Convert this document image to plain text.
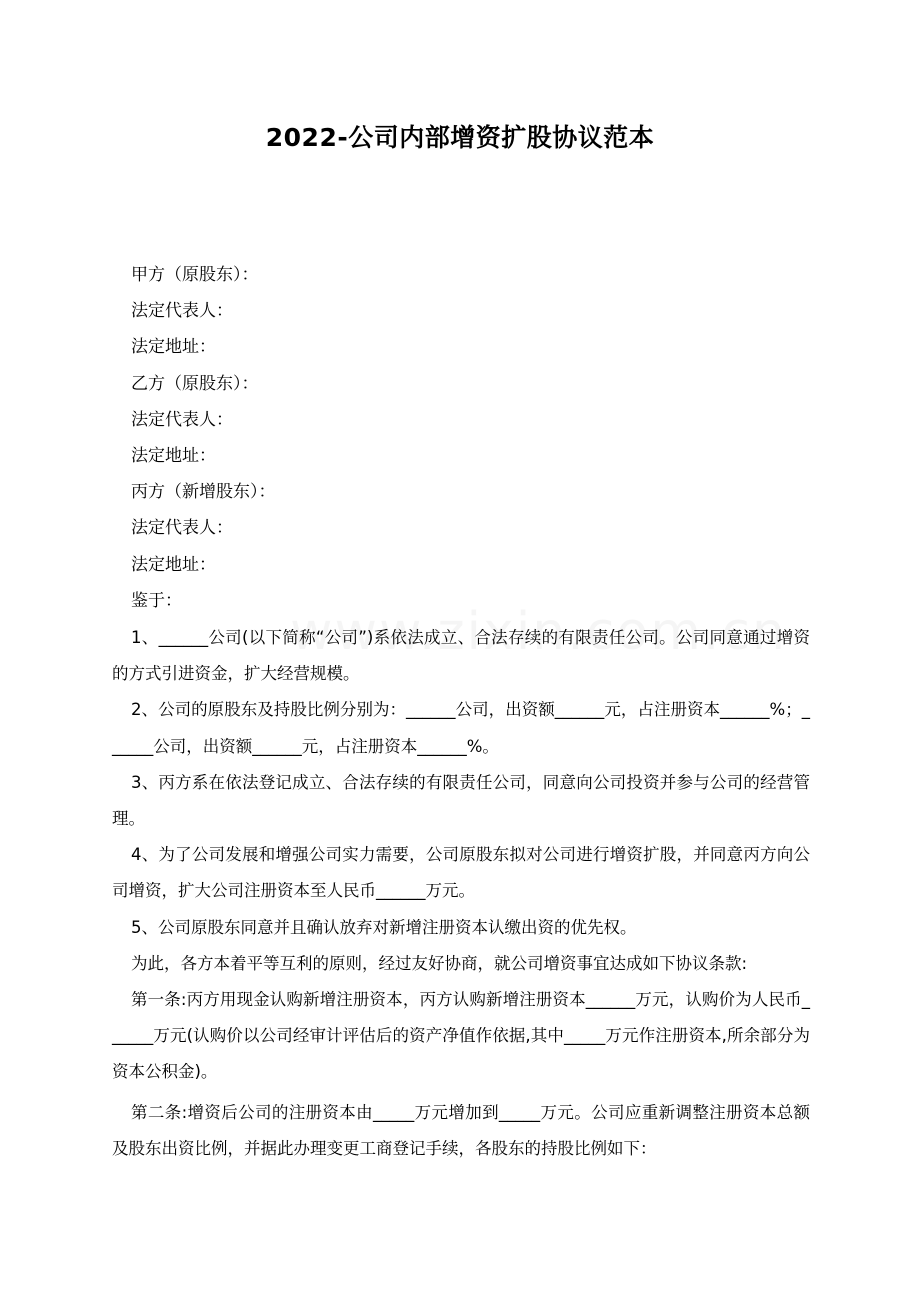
2022-公司内部增资扩股协议范本
甲方（原股东）：
法定代表人：
法定地址：
乙方（原股东）：
法定代表人：
法定地址：
丙方（新增股东）：
法定代表人：
法定地址：
鉴于：

1、______公司(以下简称“公司”)系依法成立、合法存续的有限责任公司。公司同意通过增资的方式引进资金，扩大经营规模。

2、公司的原股东及持股比例分别为：______公司，出资额______元，占注册资本______%；______公司，出资额______元，占注册资本______%。

3、丙方系在依法登记成立、合法存续的有限责任公司，同意向公司投资并参与公司的经营管理。

4、为了公司发展和增强公司实力需要，公司原股东拟对公司进行增资扩股，并同意丙方向公司增资，扩大公司注册资本至人民币______万元。

5、公司原股东同意并且确认放弃对新增注册资本认缴出资的优先权。

为此，各方本着平等互利的原则，经过友好协商，就公司增资事宜达成如下协议条款:

第一条:丙方用现金认购新增注册资本，丙方认购新增注册资本______万元，认购价为人民币______万元(认购价以公司经审计评估后的资产净值作依据,其中_____万元作注册资本,所余部分为资本公积金)。

第二条:增资后公司的注册资本由_____万元增加到_____万元。公司应重新调整注册资本总额及股东出资比例，并据此办理变更工商登记手续，各股东的持股比例如下：
